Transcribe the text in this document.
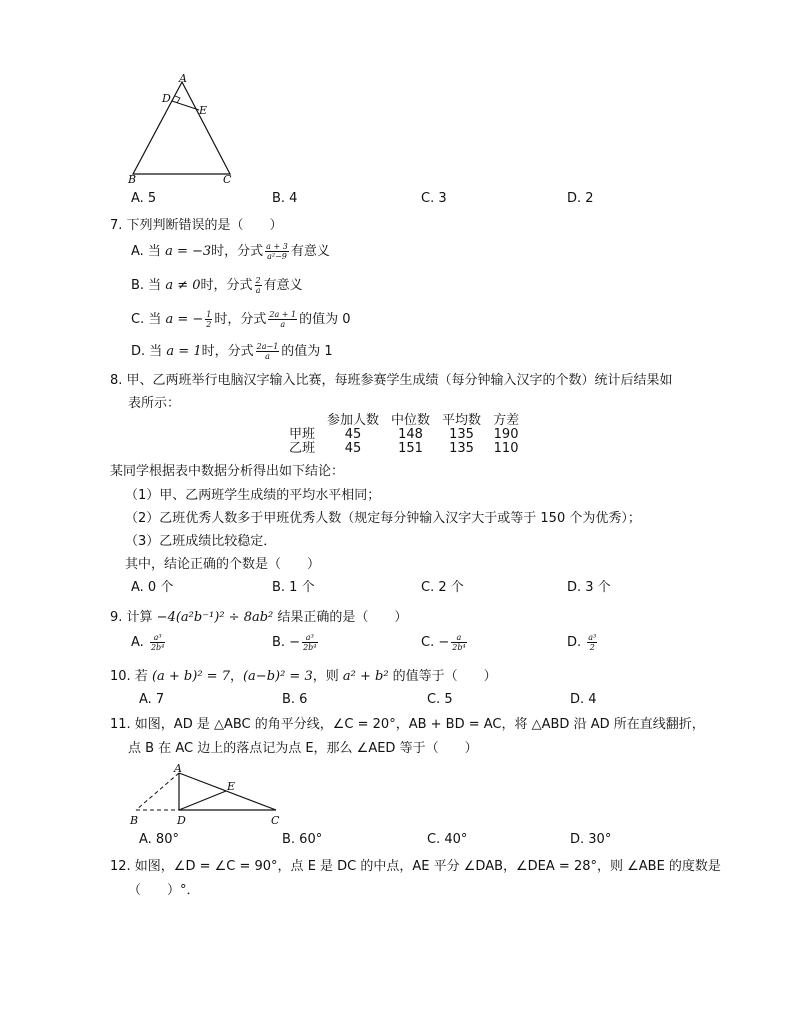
A
D
E
B	C
A. 5	B. 4	C. 3	D. 2
7. 下列判断错误的是（　　）
A. 当 a = −3时，分式 $\frac{a + 3}{\text{a²−9}}$ 有意义
B. 当 a ≠ 0时，分式 $\frac{2}{a}$ 有意义
C. 当 a = − $\frac{1}{2}$ 时，分式 $\frac{2a + 1}{a}$ 的值为 0
D. 当 a = 1时，分式 $\frac{2a-1}{a}$ 的值为 1
8. 甲、乙两班举行电脑汉字输入比赛，每班参赛学生成绩（每分钟输入汉字的个数）统计后结果如
表所示：
	参加人数	中位数	平均数	方差
甲班	45	148	135	190
乙班	45	151	135	110
某同学根据表中数据分析得出如下结论：
（1）甲、乙两班学生成绩的平均水平相同；
（2）乙班优秀人数多于甲班优秀人数（规定每分钟输入汉字大于或等于 150 个为优秀）；
（3）乙班成绩比较稳定．
其中，结论正确的个数是（　　）
A. 0 个	B. 1 个	C. 2 个	D. 3 个
9. 计算 −4(a²b⁻¹)² ÷ 8ab² 结果正确的是（　　）
A. $\frac{\text{a³}}{\text{2b⁴}}$	B. − $\frac{\text{a³}}{\text{2b⁴}}$	C. − $\frac{a}{\text{2b⁴}}$	D. $\frac{\text{a³}}{2}$
10. 若 (a + b)² = 7，(a−b)² = 3，则 a² + b² 的值等于（　　）
A. 7	B. 6	C. 5	D. 4
11. 如图，AD 是 △ABC 的角平分线，∠C = 20°，AB + BD = AC，将 △ABD 沿 AD 所在直线翻折，
点 B 在 AC 边上的落点记为点 E，那么 ∠AED 等于（　　）
A
E
B	D	C
A. 80°	B. 60°	C. 40°	D. 30°
12. 如图，∠D = ∠C = 90°，点 E 是 DC 的中点，AE 平分 ∠DAB，∠DEA = 28°，则 ∠ABE 的度数是
（　　）°．
